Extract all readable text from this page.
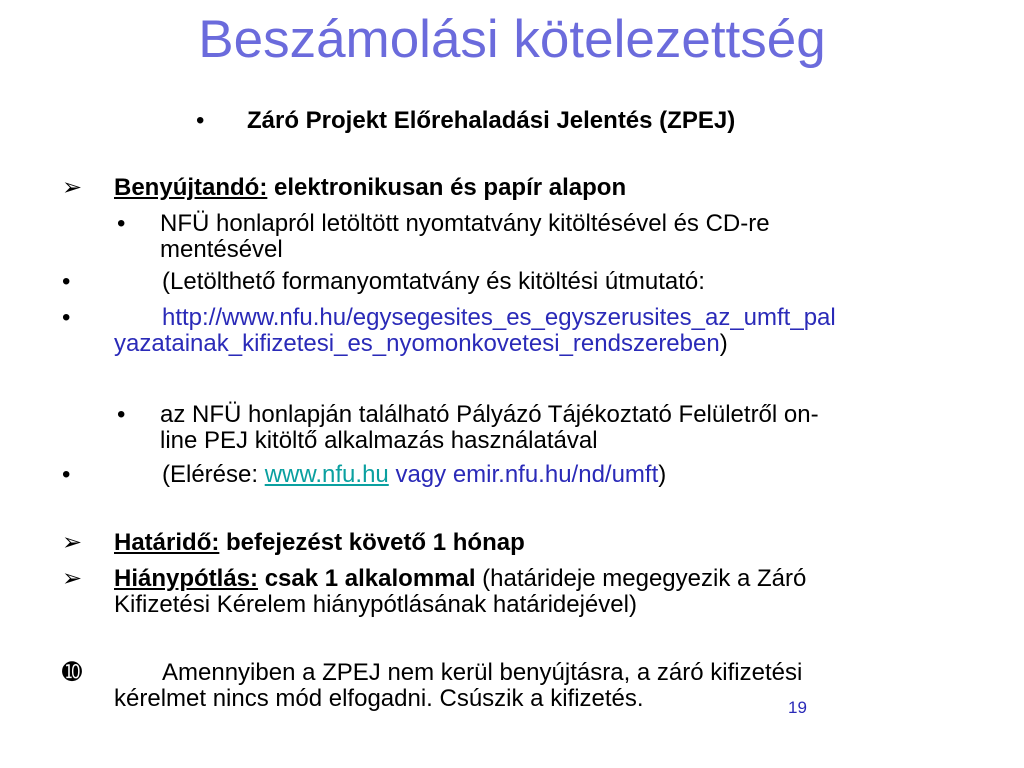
Beszámolási kötelezettség
• Záró Projekt Előrehaladási Jelentés (ZPEJ)
➢ Benyújtandó: elektronikusan és papír alapon
• NFÜ honlapról letöltött nyomtatvány kitöltésével és CD-re
mentésével
•	(Letölthető formanyomtatvány és kitöltési útmutató:
•	http://www.nfu.hu/egysegesites_es_egyszerusites_az_umft_pal
yazatainak_kifizetesi_es_nyomonkovetesi_rendszereben)
• az NFÜ honlapján található Pályázó Tájékoztató Felületről on-
line PEJ kitöltő alkalmazás használatával
•	(Elérése: www.nfu.hu vagy emir.nfu.hu/nd/umft)
➢ Határidő: befejezést követő 1 hónap
➢ Hiánypótlás: csak 1 alkalommal (határideje megegyezik a Záró
Kifizetési Kérelem hiánypótlásának határidejével)
➓	Amennyiben a ZPEJ nem kerül benyújtásra, a záró kifizetési
kérelmet nincs mód elfogadni. Csúszik a kifizetés.	19
